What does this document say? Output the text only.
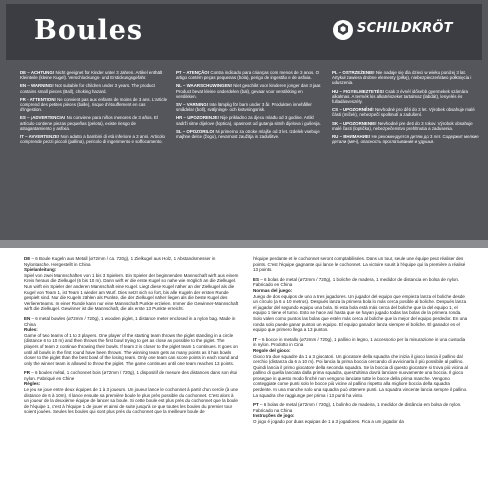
Boules	SCHILDKRÖT

DE – ACHTUNG! Nicht geeignet für Kinder unter 3 Jahren. Artikel enthält Kleinteile (kleine Kugel). Verschluckungs- und Erstickungsgefahr.

EN – WARNING! Not suitable for children under 3 years. The product contains small pieces (Ball), choking hazard.

FR - ATTENTION! Ne convient pas aux enfants de moins de 3 ans. L'article comprend des petites pièces (balle), risque d'étouffement en cas d'ingestion.

ES – ¡ADVERTENCIA! No conviene para niños menores de 3 años. El artículo contiene piezas pequeñas (pelota), existe riesgo de atragantamiento y asfixia.

IT – AVVERTENZE! Non adatto a bambini di età inferiore a 3 anni. Articolo comprende pezzi piccoli (pallina), pericolo di ingerimento e soffocamento.

PT – ATENÇÃO! Contra indicado para crianças com menos de 3 anos. O artigo contém peças pequenas (bola), perigo de ingestão e de asfixia.

NL – WAARSCHUWINGEN! Niet geschikt voor kinderen jonger dan 3 jaar. Product bevat kleine onderdelen (bal), gevaar voor verstikking en verslikken.

SV – VARNING! Inte lämplig för barn under 3 år. Produkten innehåller smådelar (boll), sväljnings- och kvävningsrisk.

HR – UPOZORENJE! Nije prikladno za djecu mlađu od 3 godine. Artikl sadrži sitne dijelove (loptica), opasnost od gutanja sitnih dijelova i gušenja.

SL – OPOZORILO! Ni primerno za otroke mlajše od 3 let. Izdelek vsebuje majhne delce (žogo), nevarnost zaužitja in zadušitve.

PL – OSTRZEŻENIE! Nie nadaje się dla dzieci w wieku poniżej 3 lat. Artykuł zawiera drobne elementy (piłkę), niebezpieczeństwo połknięcia i uduszenia.

HU – FIGYELMEZTETÉS! Csak 3 évnél idősebb gyermekek számára alkalmas. A termék kis alkatrészeket tartalmaz (labdát), lenyelés és fulladásveszély.

CS – UPOZORNĚNÍ! Nevhodné pro děti do 3 let. Výrobek obsahuje malé části (míček), nebezpečí spolknutí a zadušení.

SK – UPOZORNENIE! Nevhodné pre deti do 3 rokov. Výrobok obsahuje malé časti (loptička), nebezpečenstvo prehltnutia a zadusenia.

RU – ВНИМАНИЕ! Не рекомендуется детям до 3 лет. Содержит мелкие детали (мяч), опасность проглатывания и удушья.

DE – 6 Boule Kugeln aus Metall (ø72mm / ca. 720g), 1 Zielkugel aus Holz, 1 Abstandsmesser in Nylontasche. Hergestellt in China
Spielanleitung:
Spiel von zwei Mannschaften von 1 bis 3 Spielern. Ein Spieler der beginnenden Mannschaft wirft aus einem Kreis heraus die Zielkugel (6 bis 10 m). Dann wirft er die erste Kugel so nahe wie möglich an die Zielkugel. Nun wirft ein Spieler der anderen Mannschaft eine Kugel. Liegt diese Kugel näher an der Zielkugel als die Kugel von Team 1, ist Team 1 wieder am Wurf. Dies setzt sich so fort, bis alle Kugeln der ersten Runde gespielt sind. Nur die Kugeln zählen als Punkte, die der Zielkugel näher liegen als die beste Kugel des Verliererteams. In einer Runde kann nur eine Mannschaft Punkte erzielen. Immer die Gewinner-Mannschaft wirft die Zielkugel. Gewinner ist die Mannschaft, die als erste 13 Punkte erreicht.
EN – 6 metal bowles (ø72mm / 720g), 1 wooden piglet, 1 distance meter enclosed in a nylon bag. Made in China
Rules:
Game of two teams of 1 to 3 players. One player of the starting team throws the piglet standing in a circle (distance 6 to 10 m) and then throws the first bowl trying to get as close as possible to the piglet. The players of team 2 continue throwing their bowls. If team 2 is closer to the piglet team 1 continues. It goes on until all bowls in the first round have been thrown. The winning team gets as many points as it has bowls closer to the piglet than the best bowl of the losing team. Only one team can score points in each round and only the winner team is allowed to throw the piglet. The game continues until one team reaches 13 points.
FR – 6 boules métal, 1 cochonnet bois (ø72mm / 720g), 1 dispositif de mesure des distances dans son étui nylon. Fabriqué en Chine
Règles:
Le jeu se joue entre deux équipes de 1 à 3 joueurs. Un joueur lance le cochonnet à partir d'un cercle (à une distance de 6 à 10m). Il lance ensuite sa première boule le plus près possible du cochonnet. C'est alors à un joueur de la deuxième équipe de lancer sa boule. Si cette boule est plus près du cochonnet que la boule de l'équipe 1, c'est à l'équipe 1 de jouer et ainsi de suite jusqu'à ce que toutes les boules du premier tour soient jouées. Seules les boules qui sont plus près du cochonnet que la meilleure boule de
l'équipe perdante et le cochonnet seront comptabilisées. Dans un tour, seule une équipe peut réaliser des points. C'est l'équipe gagnante qui lance le cochonnet. La victoire sourit à l'équipe qui la première a réalisé 13 points.
ES – 6 bolas de metal (ø72mm / 720g), 1 boliche de madera, 1 medidor de distancia en bolsa de nylon. Fabricado en China
Normas del juego:
Juego de dos equipos de uno a tres jugadores. Un jugador del equipo que empieza lanza el boliche desde un círculo (a 6 o 10 metros). Después lanza la primera bola lo más cerca posible al boliche. Después lanza el jugador del segundo equipo una bola. Si esta bola está más cerca del boliche que la del equipo 1, el equipo 1 tiene el turno. Esto se hace así hasta que se hayan jugado todas las bolas de la primera ronda. Solo valen como puntos las bolas que estén más cerca al boliche que la mejor del equipo perdedor. En una ronda solo puede ganar puntos un equipo. El equipo ganador lanza siempre el boliche. El ganador es el equipo que primero llega a 13 puntos.
IT – 6 bocce in metallo (ø72mm / 720g), 1 pallino in legno, 1 accessorio per la misurazione in una custodia in nylon. Prodotto in Cina
Regole del gioco:
Gioco tra due squadre da 1 a 3 giocatori. Un giocatore della squadra che inizia il gioco lancia il pallino dal cerchio (distanza da 6 a 10 m). Poi lancia la prima boccia cercando di avvicinarla il più possibile al pallino. Quindi lancia il primo giocatore della seconda squadra. Se la boccia di questo giocatore si trova più vicina al pallino di quella lanciata dalla prima squadra, quest'ultima dovrà lanciare nuovamente una boccia. Il gioco prosegue in questo modo finché non vengono lanciate tutte le bocce della prima manche. Vengono conteggiate come punti solo le bocce più vicine al pallino rispetto alla migliore boccia della squadra perdente. In una manche solo una squadra può ottenere punti. La squadra vincente lancia sempre il pallino. La squadra che raggiunge per prima i 13 punti ha vinto.
PT – 6 bolas de metal (ø72mm / 720g), 1 bolinho de madeira, 1 medidor de distância em bolsa de nylon. Fabricado na China
Instruções de jogo:
O jogo é jogado por duas equipas de 1 a 3 jogadores. Fica a um jogador da
